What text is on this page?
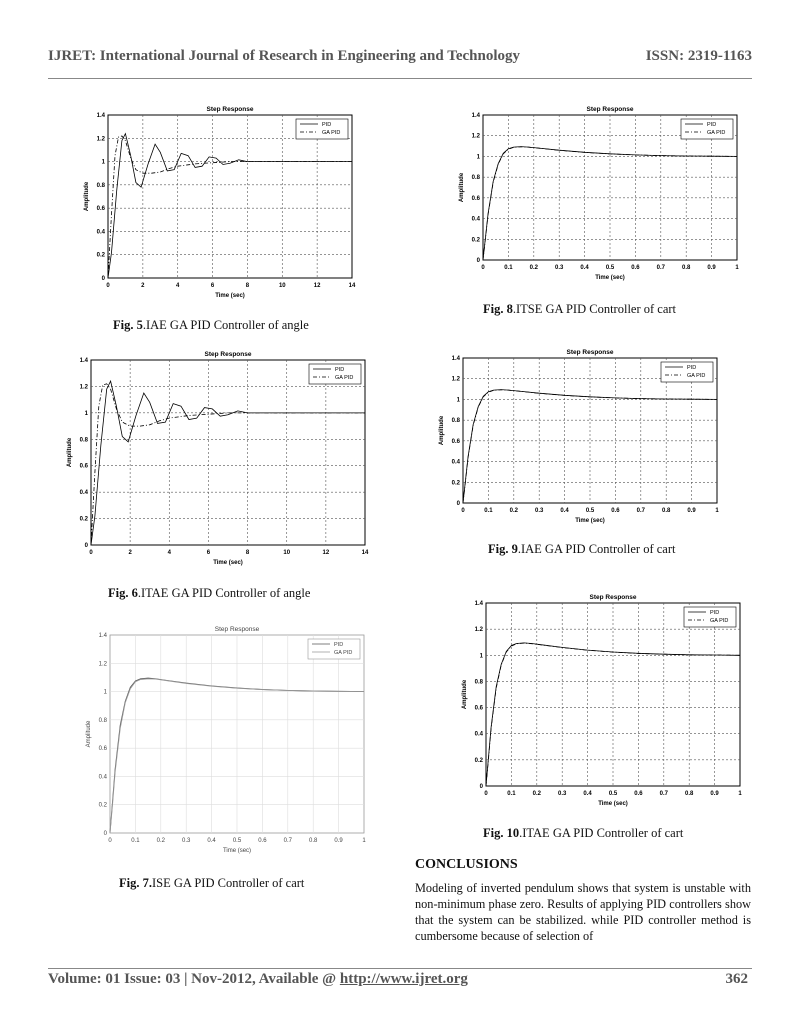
IJRET: International Journal of Research in Engineering and Technology	ISSN: 2319-1163
0	2	4	6	8	10	12	14
0
0.2
0.4
0.6
0.8
1
1.2
1.4
Step Response
Time (sec)
Amplitude
PID
GA PID
0	0.1	0.2	0.3	0.4	0.5	0.6	0.7	0.8	0.9	1
0
0.2
0.4
0.6
0.8
1
1.2
1.4
Step Response
Time (sec)
Amplitude
PID
GA PID
0	2	4	6	8	10	12	14
0
0.2
0.4
0.6
0.8
1
1.2
1.4
Step Response
Time (sec)
Amplitude
PID
GA PID
0	0.1	0.2	0.3	0.4	0.5	0.6	0.7	0.8	0.9	1
0
0.2
0.4
0.6
0.8
1
1.2
1.4
Step Response
Time (sec)
Amplitude
PID
GA PID
0	0.1	0.2	0.3	0.4	0.5	0.6	0.7	0.8	0.9	1
0
0.2
0.4
0.6
0.8
1
1.2
1.4
Step Response
Time (sec)
Amplitude
PID
GA PID
0	0.1	0.2	0.3	0.4	0.5	0.6	0.7	0.8	0.9	1
0
0.2
0.4
0.6
0.8
1
1.2
1.4
Step Response
Time (sec)
Amplitude
PID
GA PID
Fig. 5.IAE GA PID Controller of angle
Fig. 8.ITSE GA PID Controller of cart
Fig. 6.ITAE GA PID Controller of angle
Fig. 9.IAE GA PID Controller of cart
Fig. 7.ISE GA PID Controller of cart
Fig. 10.ITAE GA PID Controller of cart
CONCLUSIONS
Modeling of inverted pendulum shows that system is unstable with non-minimum phase zero. Results of applying PID controllers show that the system can be stabilized. while PID controller method is cumbersome because of selection of
Volume: 01 Issue: 03 | Nov-2012, Available @ http://www.ijret.org	362
